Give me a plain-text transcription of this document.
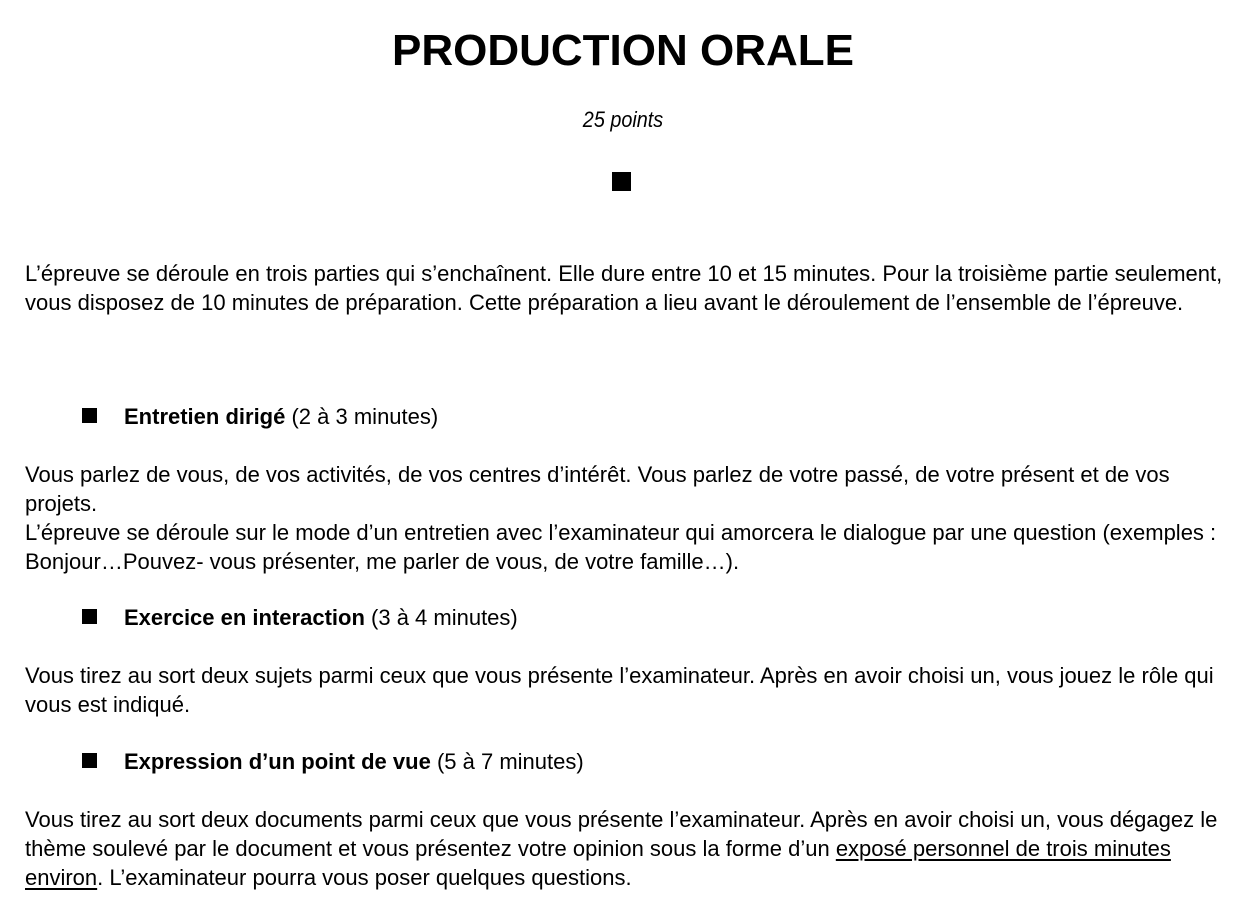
PRODUCTION ORALE
25 points

L’épreuve se déroule en trois parties qui s’enchaînent. Elle dure entre 10 et 15 minutes. Pour la troisième partie seulement, vous disposez de 10 minutes de préparation. Cette préparation a lieu avant le déroulement de l’ensemble de l’épreuve.

Entretien dirigé (2 à 3 minutes)

Vous parlez de vous, de vos activités, de vos centres d’intérêt. Vous parlez de votre passé, de votre présent et de vos projets.

L’épreuve se déroule sur le mode d’un entretien avec l’examinateur qui amorcera le dialogue par une question (exemples : Bonjour…Pouvez- vous présenter, me parler de vous, de votre famille…).

Exercice en interaction (3 à 4 minutes)

Vous tirez au sort deux sujets parmi ceux que vous présente l’examinateur. Après en avoir choisi un, vous jouez le rôle qui vous est indiqué.

Expression d’un point de vue (5 à 7 minutes)

Vous tirez au sort deux documents parmi ceux que vous présente l’examinateur. Après en avoir choisi un, vous dégagez le thème soulevé par le document et vous présentez votre opinion sous la forme d’un exposé personnel de trois minutes environ. L’examinateur pourra vous poser quelques questions.
